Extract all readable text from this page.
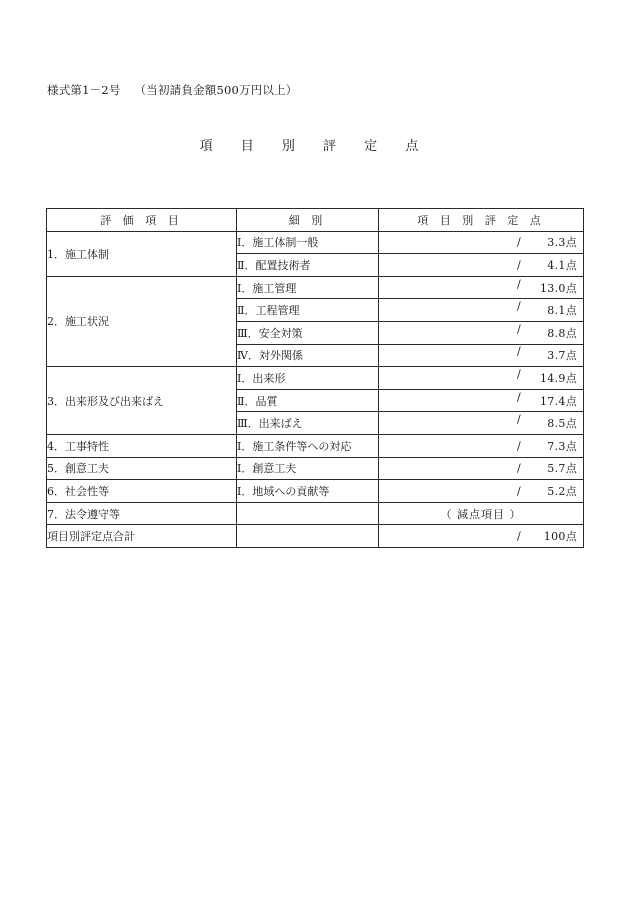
様式第1－2号 （当初請負金額500万円以上）
項 目 別 評 定 点
評 価 項 目	細 別	項 目 別 評 定 点
1．施工体制	Ⅰ．施工体制一般	/ 3.3点

	Ⅱ．配置技術者	/ 4.1点

2．施工状況	Ⅰ．施工管理	/ 13.0点

	Ⅱ．工程管理	/ 8.1点

	Ⅲ．安全対策	/ 8.8点

	Ⅳ．対外関係	/ 3.7点

3．出来形及び出来ばえ	Ⅰ．出来形	/ 14.9点

	Ⅱ．品質	/ 17.4点

	Ⅲ．出来ばえ	/ 8.5点

4．工事特性	Ⅰ．施工条件等への対応	/ 7.3点

5．創意工夫	Ⅰ．創意工夫	/ 5.7点

6．社会性等	Ⅰ．地域への貢献等	/ 5.2点

7．法令遵守等		（ 減点項目 ）

項目別評定点合計		/ 100点
